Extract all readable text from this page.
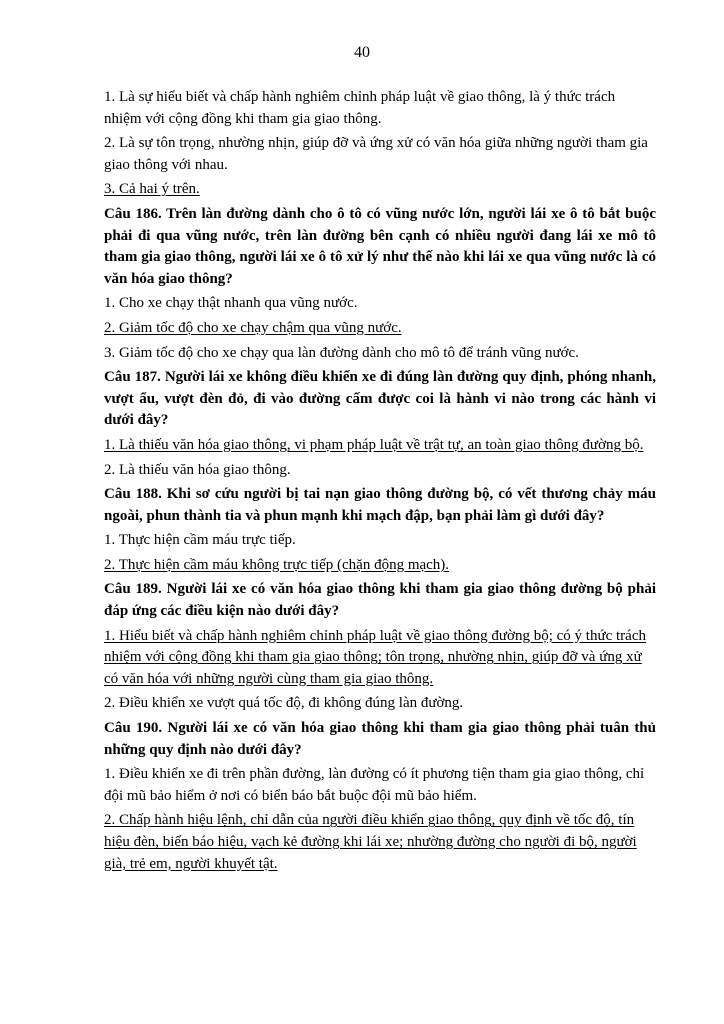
40

1. Là sự hiểu biết và chấp hành nghiêm chỉnh pháp luật về giao thông, là ý thức trách nhiệm với cộng đồng khi tham gia giao thông.

2. Là sự tôn trọng, nhường nhịn, giúp đỡ và ứng xử có văn hóa giữa những người tham gia giao thông với nhau.

3. Cả hai ý trên.

Câu 186. Trên làn đường dành cho ô tô có vũng nước lớn, người lái xe ô tô bắt buộc phải đi qua vũng nước, trên làn đường bên cạnh có nhiều người đang lái xe mô tô tham gia giao thông, người lái xe ô tô xử lý như thế nào khi lái xe qua vũng nước là có văn hóa giao thông?

1. Cho xe chạy thật nhanh qua vũng nước.

2. Giảm tốc độ cho xe chạy chậm qua vũng nước.

3. Giảm tốc độ cho xe chạy qua làn đường dành cho mô tô để tránh vũng nước.

Câu 187. Người lái xe không điều khiển xe đi đúng làn đường quy định, phóng nhanh, vượt ẩu, vượt đèn đỏ, đi vào đường cấm được coi là hành vi nào trong các hành vi dưới đây?

1. Là thiếu văn hóa giao thông, vi phạm pháp luật về trật tự, an toàn giao thông đường bộ.

2. Là thiếu văn hóa giao thông.

Câu 188. Khi sơ cứu người bị tai nạn giao thông đường bộ, có vết thương chảy máu ngoài, phun thành tia và phun mạnh khi mạch đập, bạn phải làm gì dưới đây?

1. Thực hiện cầm máu trực tiếp.

2. Thực hiện cầm máu không trực tiếp (chặn động mạch).

Câu 189. Người lái xe có văn hóa giao thông khi tham gia giao thông đường bộ phải đáp ứng các điều kiện nào dưới đây?

1. Hiểu biết và chấp hành nghiêm chỉnh pháp luật về giao thông đường bộ; có ý thức trách nhiệm với cộng đồng khi tham gia giao thông; tôn trọng, nhường nhịn, giúp đỡ và ứng xử có văn hóa với những người cùng tham gia giao thông.

2. Điều khiển xe vượt quá tốc độ, đi không đúng làn đường.

Câu 190. Người lái xe có văn hóa giao thông khi tham gia giao thông phải tuân thủ những quy định nào dưới đây?

1. Điều khiển xe đi trên phần đường, làn đường có ít phương tiện tham gia giao thông, chỉ đội mũ bảo hiểm ở nơi có biển báo bắt buộc đội mũ bảo hiểm.

2. Chấp hành hiệu lệnh, chỉ dẫn của người điều khiển giao thông, quy định về tốc độ, tín hiệu đèn, biển báo hiệu, vạch kẻ đường khi lái xe; nhường đường cho người đi bộ, người già, trẻ em, người khuyết tật.
